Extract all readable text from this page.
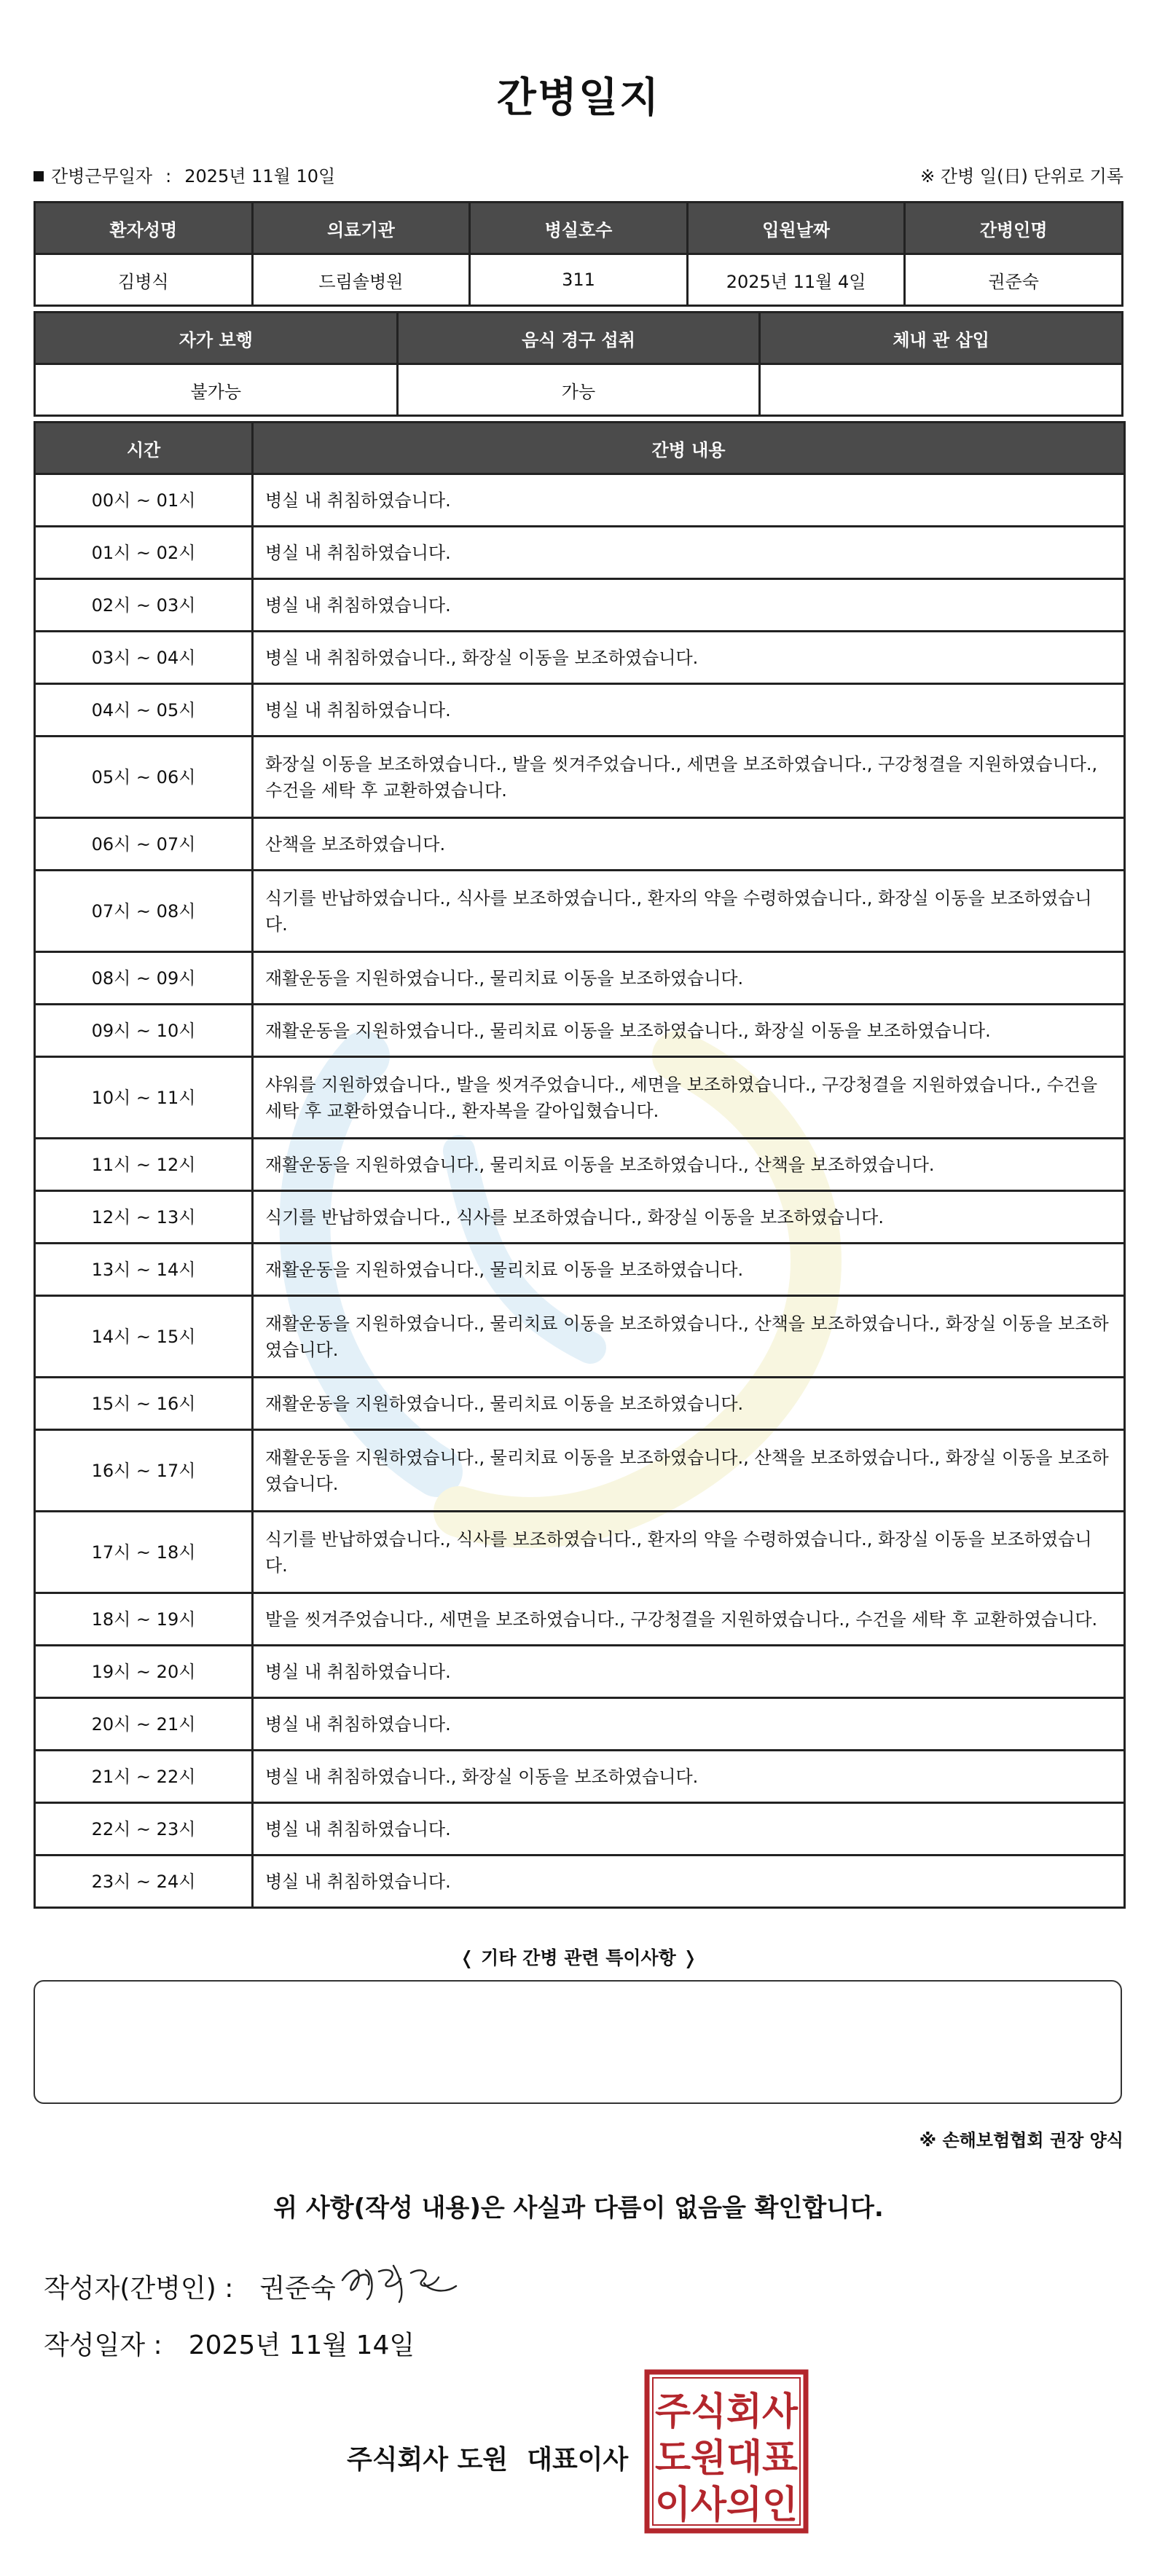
간병일지
간병근무일자 : 2025년 11월 10일	※ 간병 일(日) 단위로 기록
환자성명	의료기관	병실호수	입원날짜	간병인명
김병식	드림솔병원	311	2025년 11월 4일	권준숙
자가 보행	음식 경구 섭취	체내 관 삽입
불가능	가능	
시간	간병 내용
00시 ~ 01시	병실 내 취침하였습니다.
01시 ~ 02시	병실 내 취침하였습니다.
02시 ~ 03시	병실 내 취침하였습니다.
03시 ~ 04시	병실 내 취침하였습니다., 화장실 이동을 보조하였습니다.
04시 ~ 05시	병실 내 취침하였습니다.
05시 ~ 06시	화장실 이동을 보조하였습니다., 발을 씻겨주었습니다., 세면을 보조하였습니다., 구강청결을 지원하였습니다., 수건을 세탁 후 교환하였습니다.
06시 ~ 07시	산책을 보조하였습니다.
07시 ~ 08시	식기를 반납하였습니다., 식사를 보조하였습니다., 환자의 약을 수령하였습니다., 화장실 이동을 보조하였습니다.
08시 ~ 09시	재활운동을 지원하였습니다., 물리치료 이동을 보조하였습니다.
09시 ~ 10시	재활운동을 지원하였습니다., 물리치료 이동을 보조하였습니다., 화장실 이동을 보조하였습니다.
10시 ~ 11시	샤워를 지원하였습니다., 발을 씻겨주었습니다., 세면을 보조하였습니다., 구강청결을 지원하였습니다., 수건을 세탁 후 교환하였습니다., 환자복을 갈아입혔습니다.
11시 ~ 12시	재활운동을 지원하였습니다., 물리치료 이동을 보조하였습니다., 산책을 보조하였습니다.
12시 ~ 13시	식기를 반납하였습니다., 식사를 보조하였습니다., 화장실 이동을 보조하였습니다.
13시 ~ 14시	재활운동을 지원하였습니다., 물리치료 이동을 보조하였습니다.
14시 ~ 15시	재활운동을 지원하였습니다., 물리치료 이동을 보조하였습니다., 산책을 보조하였습니다., 화장실 이동을 보조하였습니다.
15시 ~ 16시	재활운동을 지원하였습니다., 물리치료 이동을 보조하였습니다.
16시 ~ 17시	재활운동을 지원하였습니다., 물리치료 이동을 보조하였습니다., 산책을 보조하였습니다., 화장실 이동을 보조하였습니다.
17시 ~ 18시	식기를 반납하였습니다., 식사를 보조하였습니다., 환자의 약을 수령하였습니다., 화장실 이동을 보조하였습니다.
18시 ~ 19시	발을 씻겨주었습니다., 세면을 보조하였습니다., 구강청결을 지원하였습니다., 수건을 세탁 후 교환하였습니다.
19시 ~ 20시	병실 내 취침하였습니다.
20시 ~ 21시	병실 내 취침하였습니다.
21시 ~ 22시	병실 내 취침하였습니다., 화장실 이동을 보조하였습니다.
22시 ~ 23시	병실 내 취침하였습니다.
23시 ~ 24시	병실 내 취침하였습니다.
❬ 기타 간병 관련 특이사항 ❭
※ 손해보험협회 권장 양식
위 사항(작성 내용)은 사실과 다름이 없음을 확인합니다.
작성자(간병인) : 권준숙
작성일자 : 2025년 11월 14일
주식회사 도원 대표이사
주식회사
도원대표
이사의인
